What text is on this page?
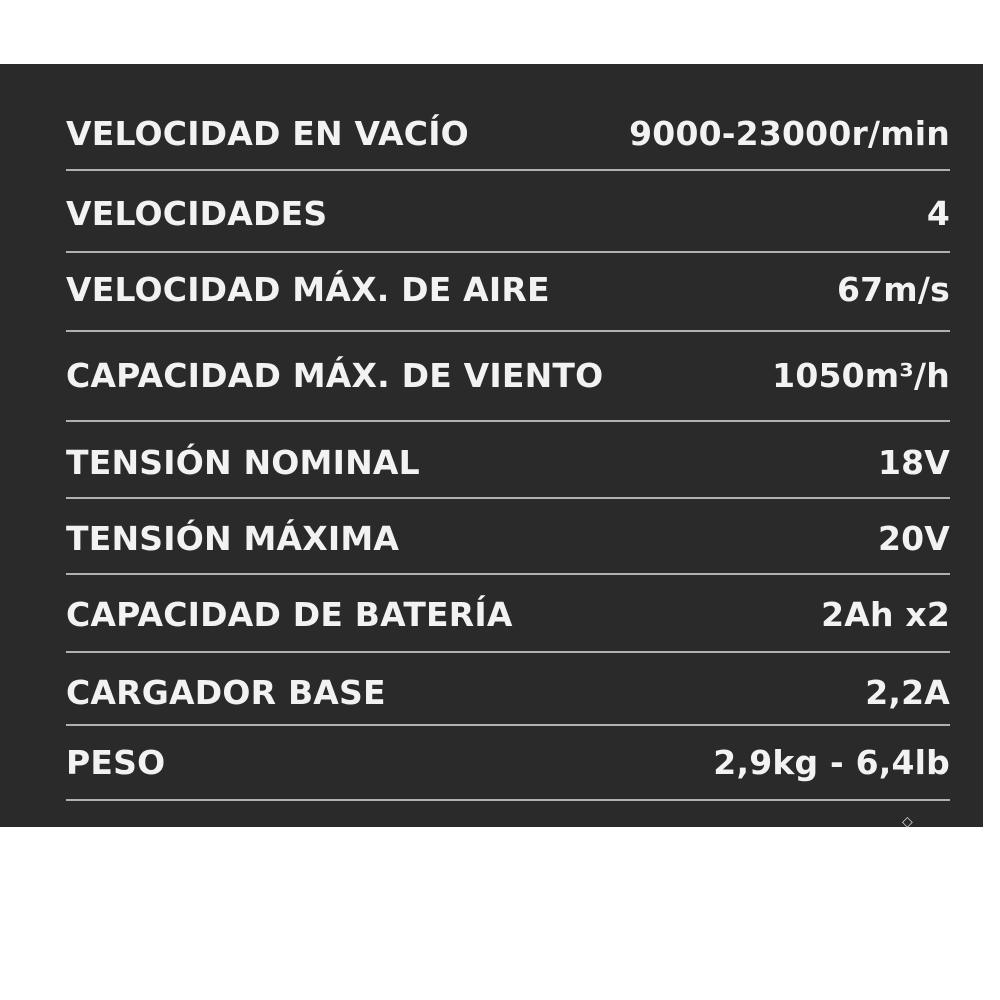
VELOCIDAD EN VACÍO	9000-23000r/min
VELOCIDADES	4
VELOCIDAD MÁX. DE AIRE	67m/s
CAPACIDAD MÁX. DE VIENTO	1050m³/h
TENSIÓN NOMINAL	18V
TENSIÓN MÁXIMA	20V
CAPACIDAD DE BATERÍA	2Ah x2
CARGADOR BASE	2,2A
PESO	2,9kg - 6,4lb
◇
